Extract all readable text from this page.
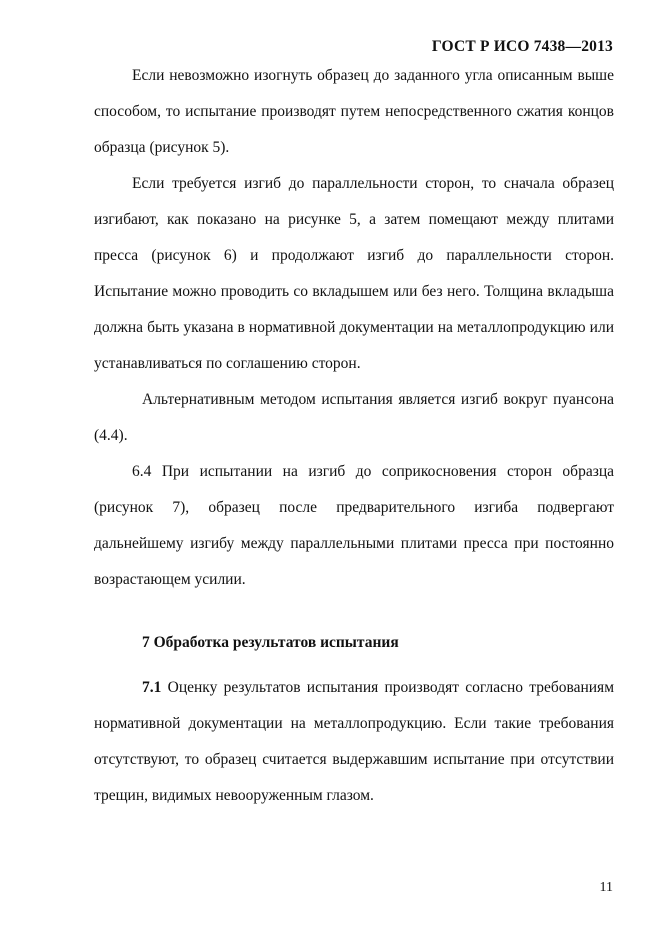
ГОСТ Р ИСО 7438—2013

Если невозможно изогнуть образец до заданного угла описанным выше способом, то испытание производят путем непосредственного сжатия концов образца (рисунок 5).

Если требуется изгиб до параллельности сторон, то сначала образец изгибают, как показано на рисунке 5, а затем помещают между плитами пресса (рисунок 6) и продолжают изгиб до параллельности сторон. Испытание можно проводить со вкладышем или без него. Толщина вкладыша должна быть указана в нормативной документации на металлопродукцию или устанавливаться по соглашению сторон.

Альтернативным методом испытания является изгиб вокруг пуансона (4.4).

6.4 При испытании на изгиб до соприкосновения сторон образца (рисунок 7), образец после предварительного изгиба подвергают дальнейшему изгибу между параллельными плитами пресса при постоянно возрастающем усилии.

7 Обработка результатов испытания

7.1 Оценку результатов испытания производят согласно требованиям нормативной документации на металлопродукцию. Если такие требования отсутствуют, то образец считается выдержавшим испытание при отсутствии трещин, видимых невооруженным глазом.

11
